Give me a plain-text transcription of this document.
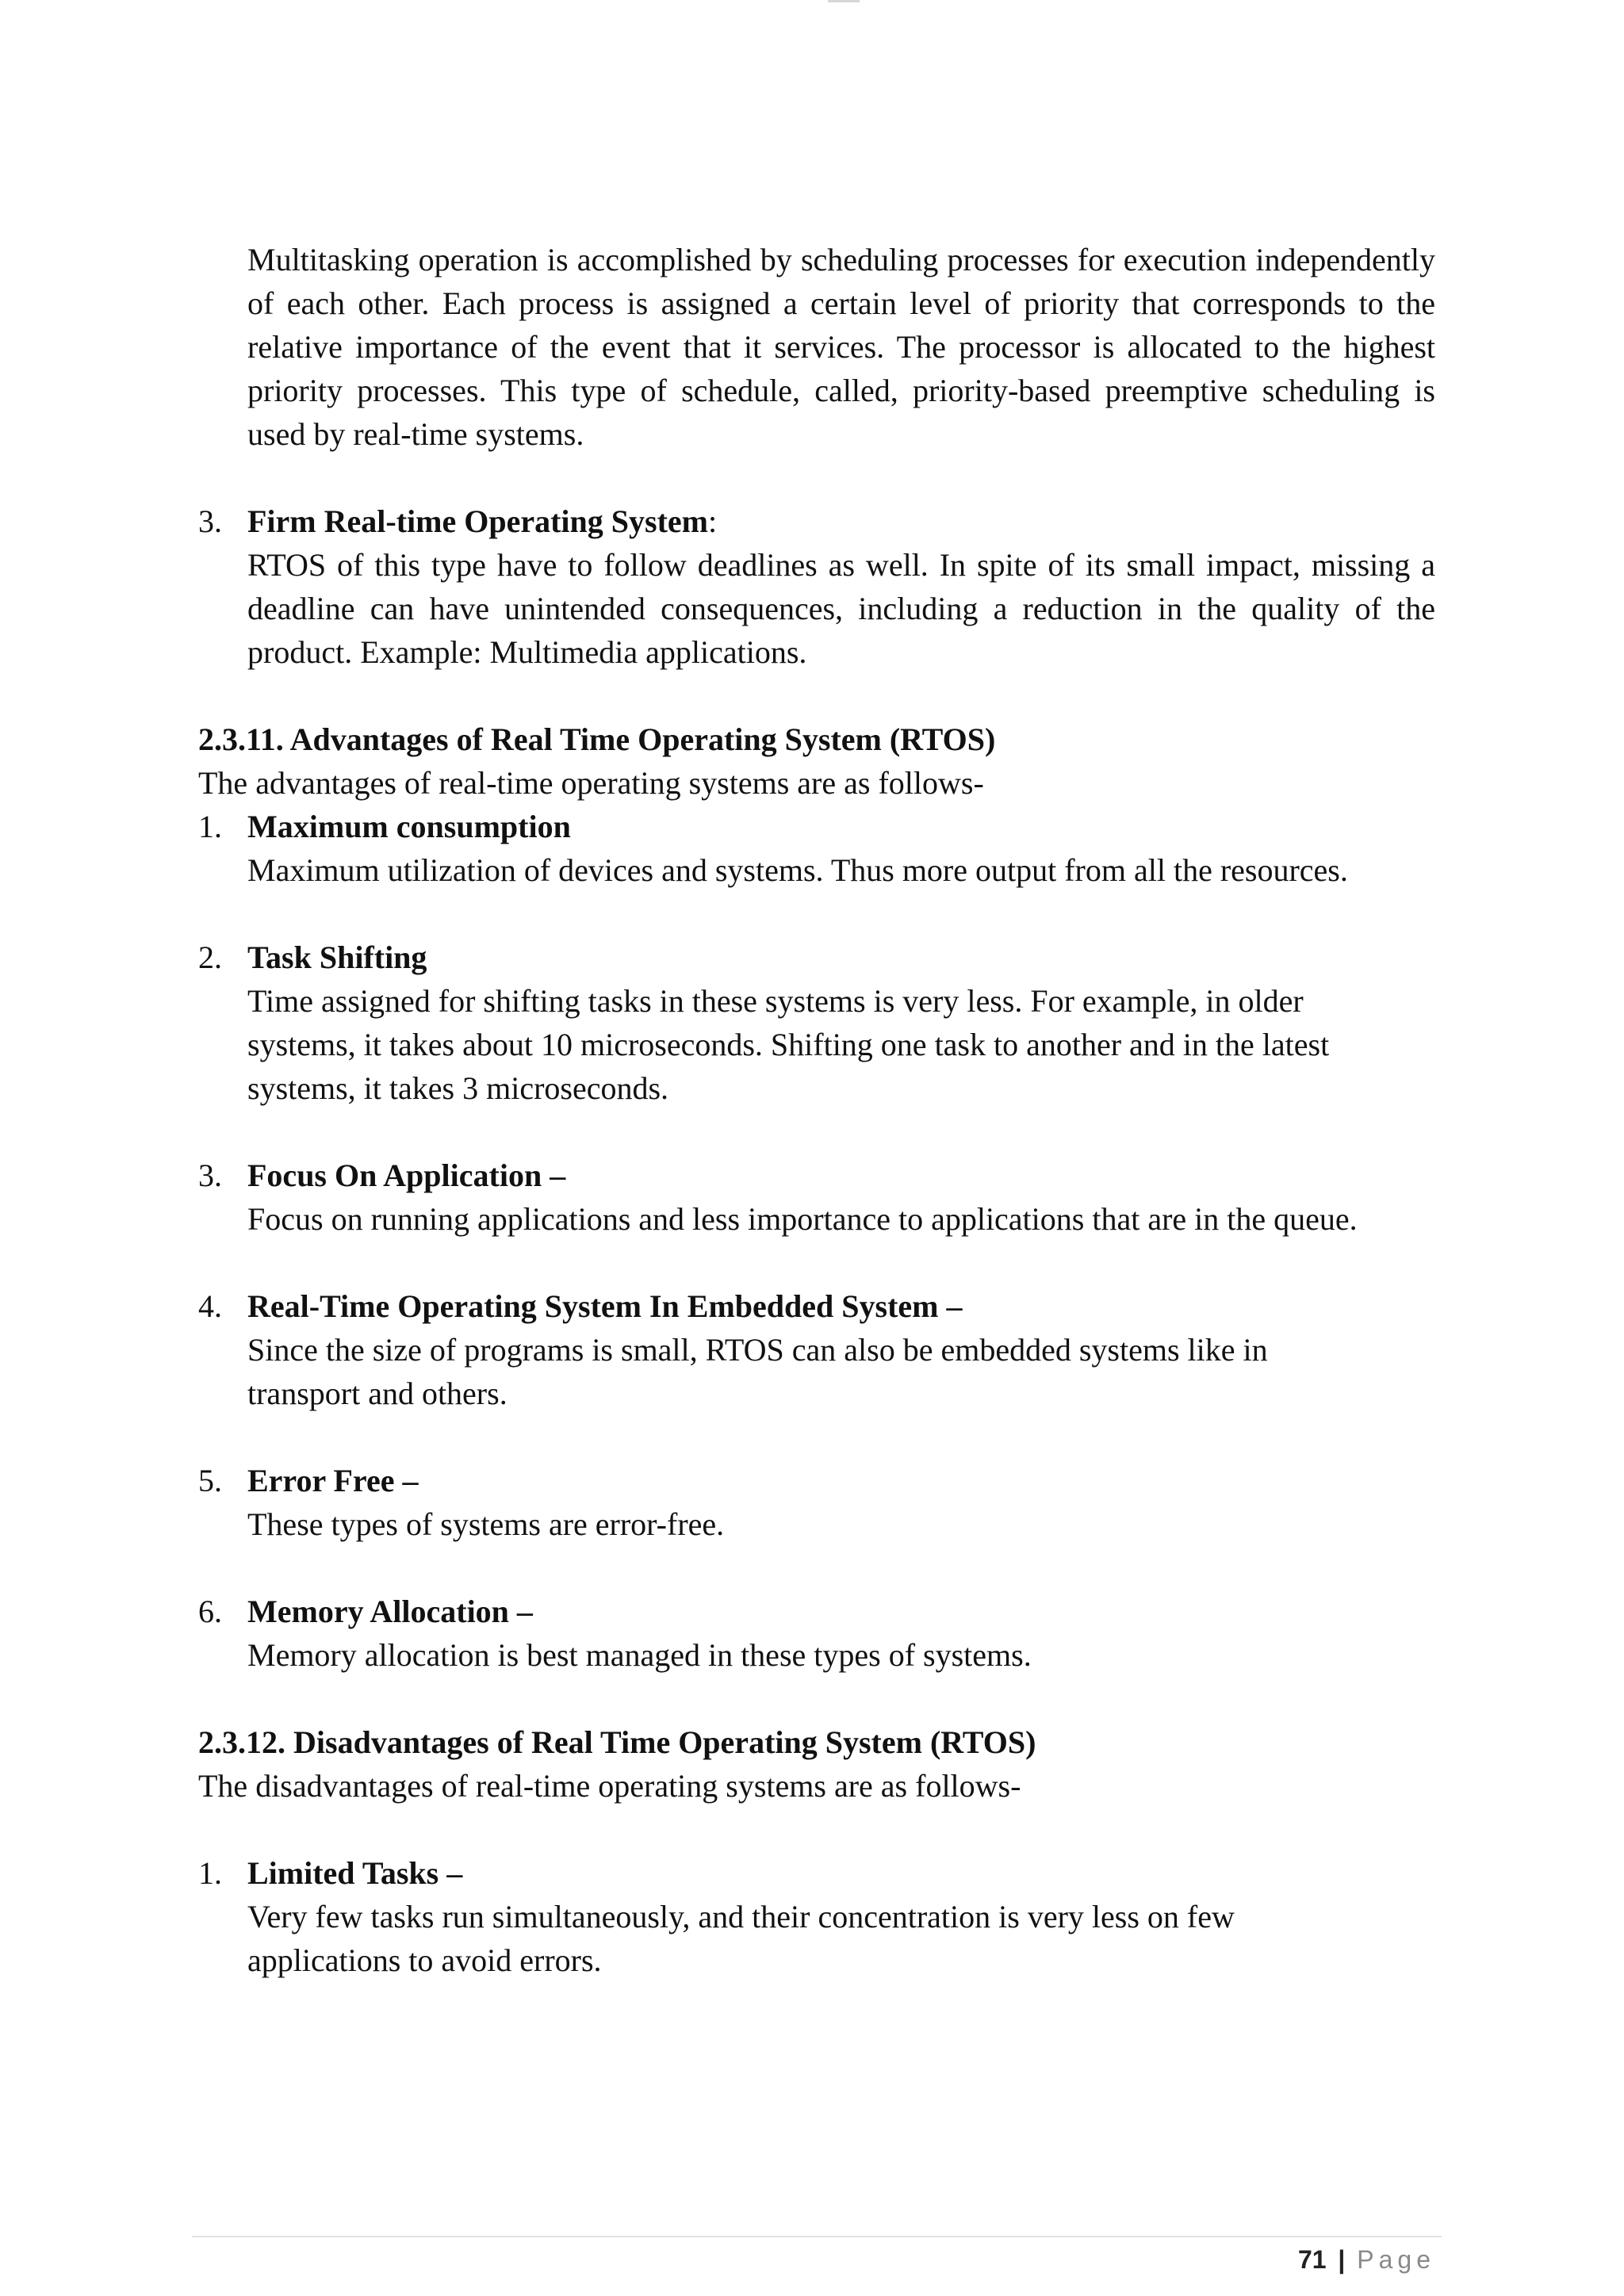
Multitasking operation is accomplished by scheduling processes for execution independently of each other. Each process is assigned a certain level of priority that corresponds to the relative importance of the event that it services. The processor is allocated to the highest priority processes. This type of schedule, called, priority-based preemptive scheduling is used by real-time systems.

3. Firm Real-time Operating System:

RTOS of this type have to follow deadlines as well. In spite of its small impact, missing a deadline can have unintended consequences, including a reduction in the quality of the product. Example: Multimedia applications.

2.3.11. Advantages of Real Time Operating System (RTOS)

The advantages of real-time operating systems are as follows-

1. Maximum consumption

Maximum utilization of devices and systems. Thus more output from all the resources.

2. Task Shifting

Time assigned for shifting tasks in these systems is very less. For example, in older systems, it takes about 10 microseconds. Shifting one task to another and in the latest systems, it takes 3 microseconds.

3. Focus On Application –

Focus on running applications and less importance to applications that are in the queue.

4. Real-Time Operating System In Embedded System –

Since the size of programs is small, RTOS can also be embedded systems like in transport and others.

5. Error Free –

These types of systems are error-free.

6. Memory Allocation –

Memory allocation is best managed in these types of systems.

2.3.12. Disadvantages of Real Time Operating System (RTOS)

The disadvantages of real-time operating systems are as follows-

1. Limited Tasks –

Very few tasks run simultaneously, and their concentration is very less on few applications to avoid errors.

71 | Page
